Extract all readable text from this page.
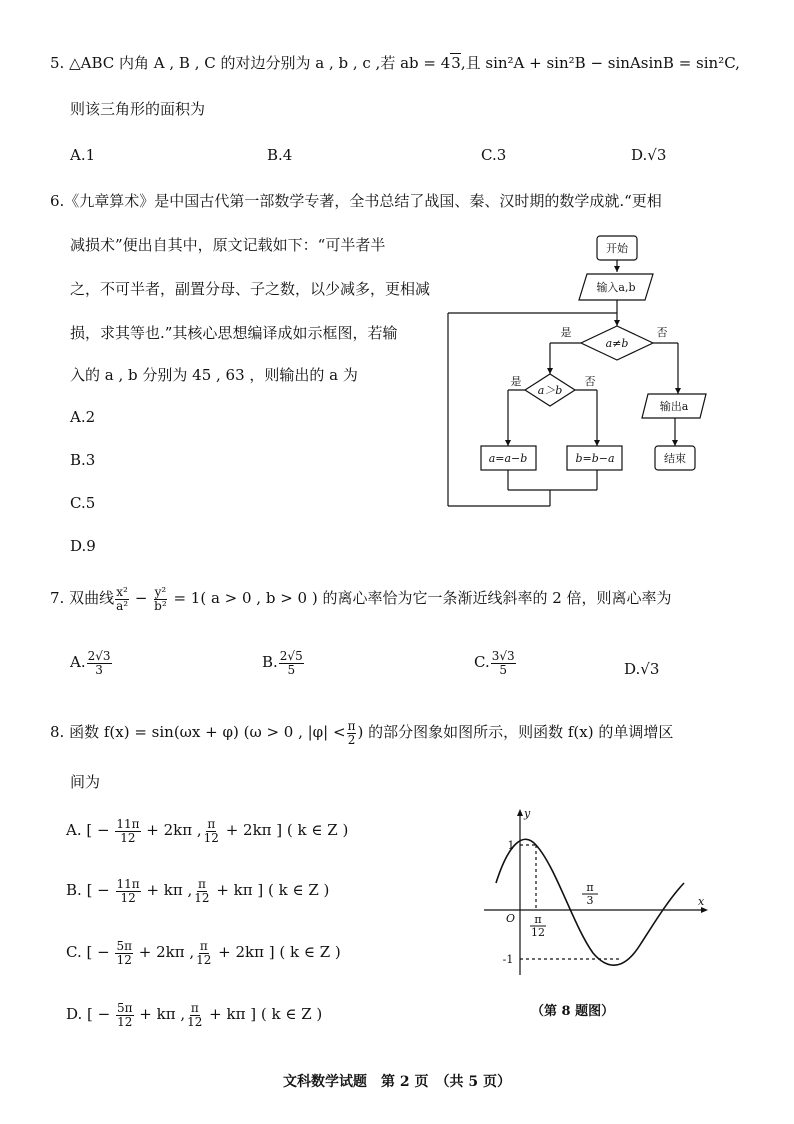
5. △ABC 内角 A , B , C 的对边分别为 a , b , c ,若 ab = 43,且 sin²A + sin²B − sinAsinB = sin²C,
则该三角形的面积为
A.1	B.4	C.3	D.√3
6.《九章算术》是中国古代第一部数学专著，全书总结了战国、秦、汉时期的数学成就.“更相
减损术”便出自其中，原文记载如下：“可半者半
之，不可半者，副置分母、子之数，以少减多，更相减
损，求其等也.”其核心思想编译成如示框图，若输
入的 a , b 分别为 45 , 63 ，则输出的 a 为
A.2
B.3
C.5
D.9
开始
输入a,b
a≠b
是	否
a＞b
是	否
a=a−b	b=b−a
输出a
结束
7. 双曲线 $\frac{\text{x²}}{\text{a²}} - \frac{\text{y²}}{\text{b²}} = 1$( a > 0 , b > 0 ) 的离心率恰为它一条渐近线斜率的 2 倍，则离心率为
A. $\frac{2√3}{3}$	B. $\frac{2√5}{5}$	C. $\frac{3√3}{5}$	D.√3
8. 函数 f(x) = sin(ωx + φ) (ω > 0 , $|\varphi| < \frac{\pi}{2}$ ) 的部分图象如图所示，则函数 f(x) 的单调增区
间为
A. [ − $\frac{11\pi}{12} + 2k\pi$ , $\frac{\pi}{12} + 2k\pi$ ] ( k ∈ Z )
B. [ − $\frac{11\pi}{12} + k\pi$ , $\frac{\pi}{12} + k\pi$ ] ( k ∈ Z )
C. [ − $\frac{5\pi}{12} + 2k\pi$ , $\frac{\pi}{12} + 2k\pi$ ] ( k ∈ Z )
D. [ − $\frac{5\pi}{12} + k\pi$ , $\frac{\pi}{12} + k\pi$ ] ( k ∈ Z )
y
x
O
1
-1
π
12
π
3
（第 8 题图）
文科数学试题　第 2 页　（共 5 页）
